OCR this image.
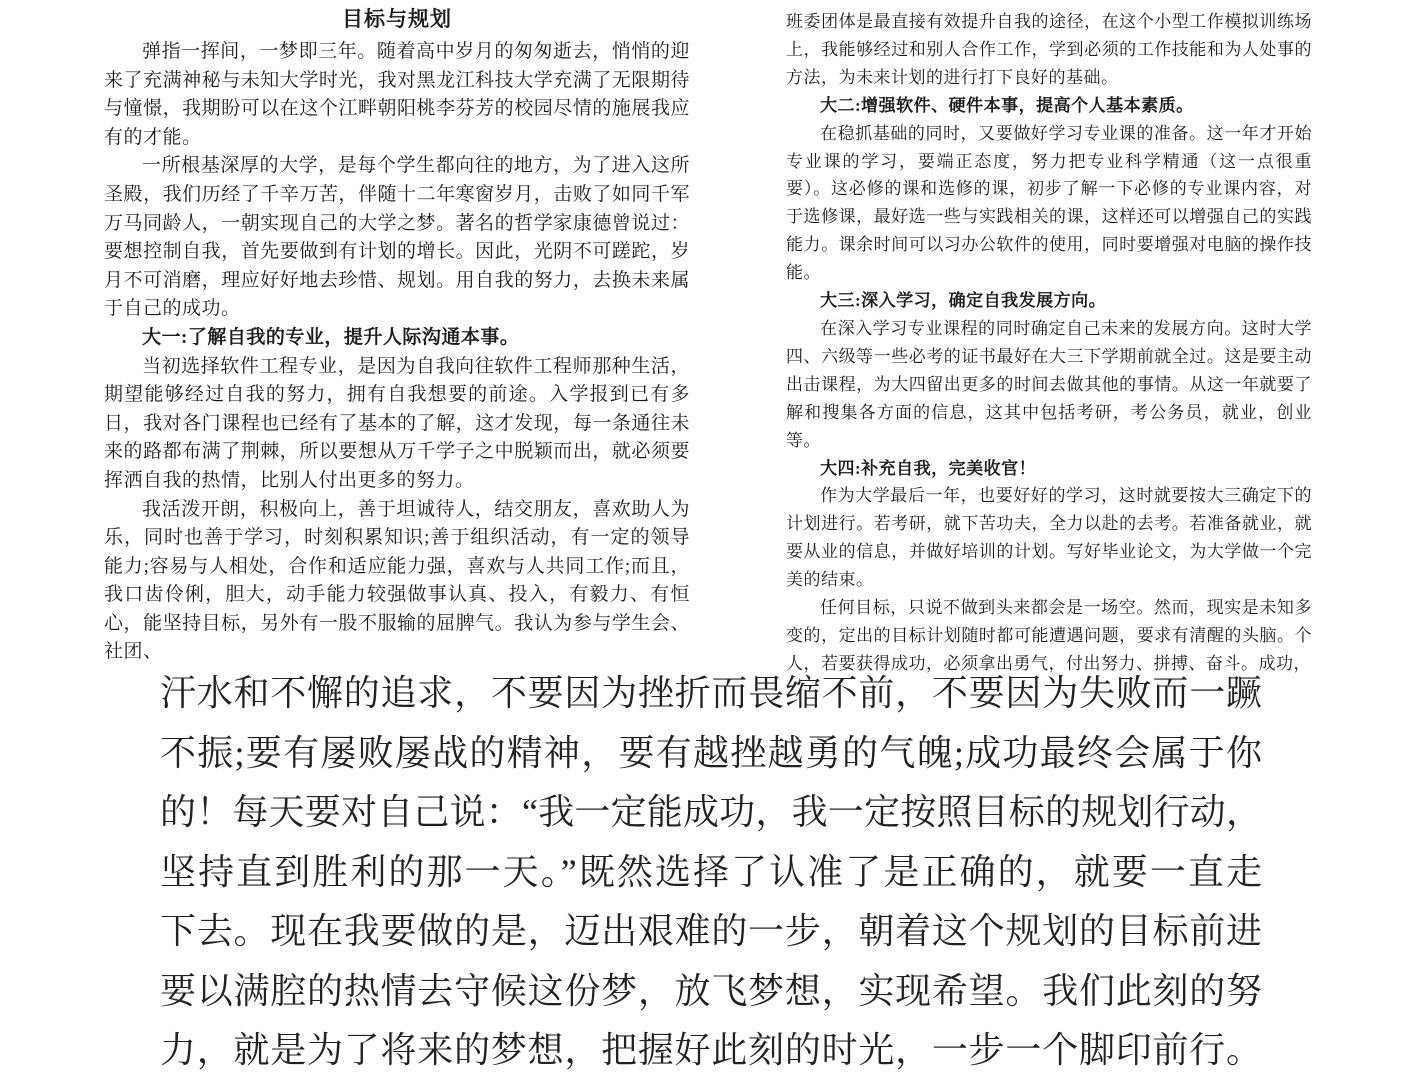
目标与规划

弹指一挥间，一梦即三年。随着高中岁月的匆匆逝去，悄悄的迎来了充满神秘与未知大学时光，我对黑龙江科技大学充满了无限期待与憧憬，我期盼可以在这个江畔朝阳桃李芬芳的校园尽情的施展我应有的才能。

一所根基深厚的大学，是每个学生都向往的地方，为了进入这所圣殿，我们历经了千辛万苦，伴随十二年寒窗岁月，击败了如同千军万马同龄人，一朝实现自己的大学之梦。著名的哲学家康德曾说过：要想控制自我，首先要做到有计划的增长。因此，光阴不可蹉跎，岁月不可消磨，理应好好地去珍惜、规划。用自我的努力，去换未来属于自己的成功。

大一:了解自我的专业，提升人际沟通本事。

当初选择软件工程专业，是因为自我向往软件工程师那种生活，期望能够经过自我的努力，拥有自我想要的前途。入学报到已有多日，我对各门课程也已经有了基本的了解，这才发现，每一条通往未来的路都布满了荆棘，所以要想从万千学子之中脱颖而出，就必须要挥洒自我的热情，比别人付出更多的努力。

我活泼开朗，积极向上，善于坦诚待人，结交朋友，喜欢助人为乐，同时也善于学习，时刻积累知识;善于组织活动，有一定的领导能力;容易与人相处，合作和适应能力强，喜欢与人共同工作;而且，我口齿伶俐，胆大，动手能力较强做事认真、投入，有毅力、有恒心，能坚持目标，另外有一股不服输的屈脾气。我认为参与学生会、社团、

班委团体是最直接有效提升自我的途径，在这个小型工作模拟训练场上，我能够经过和别人合作工作，学到必须的工作技能和为人处事的方法，为未来计划的进行打下良好的基础。

大二:增强软件、硬件本事，提高个人基本素质。

在稳抓基础的同时，又要做好学习专业课的准备。这一年才开始专业课的学习，要端正态度，努力把专业科学精通（这一点很重要）。这必修的课和选修的课，初步了解一下必修的专业课内容，对于选修课，最好选一些与实践相关的课，这样还可以增强自己的实践能力。课余时间可以习办公软件的使用，同时要增强对电脑的操作技能。

大三:深入学习，确定自我发展方向。

在深入学习专业课程的同时确定自己未来的发展方向。这时大学四、六级等一些必考的证书最好在大三下学期前就全过。这是要主动出击课程，为大四留出更多的时间去做其他的事情。从这一年就要了解和搜集各方面的信息，这其中包括考研，考公务员，就业，创业等。

大四:补充自我，完美收官！

作为大学最后一年，也要好好的学习，这时就要按大三确定下的计划进行。若考研，就下苦功夫，全力以赴的去考。若准备就业，就要从业的信息，并做好培训的计划。写好毕业论文，为大学做一个完美的结束。

任何目标，只说不做到头来都会是一场空。然而，现实是未知多变的，定出的目标计划随时都可能遭遇问题，要求有清醒的头脑。个人，若要获得成功，必须拿出勇气，付出努力、拼搏、奋斗。成功，

汗水和不懈的追求，不要因为挫折而畏缩不前，不要因为失败而一蹶
不振;要有屡败屡战的精神，要有越挫越勇的气魄;成功最终会属于你
的！每天要对自己说：“我一定能成功，我一定按照目标的规划行动，
坚持直到胜利的那一天。”既然选择了认准了是正确的，就要一直走
下去。现在我要做的是，迈出艰难的一步，朝着这个规划的目标前进
要以满腔的热情去守候这份梦，放飞梦想，实现希望。我们此刻的努
力，就是为了将来的梦想，把握好此刻的时光，一步一个脚印前行。
